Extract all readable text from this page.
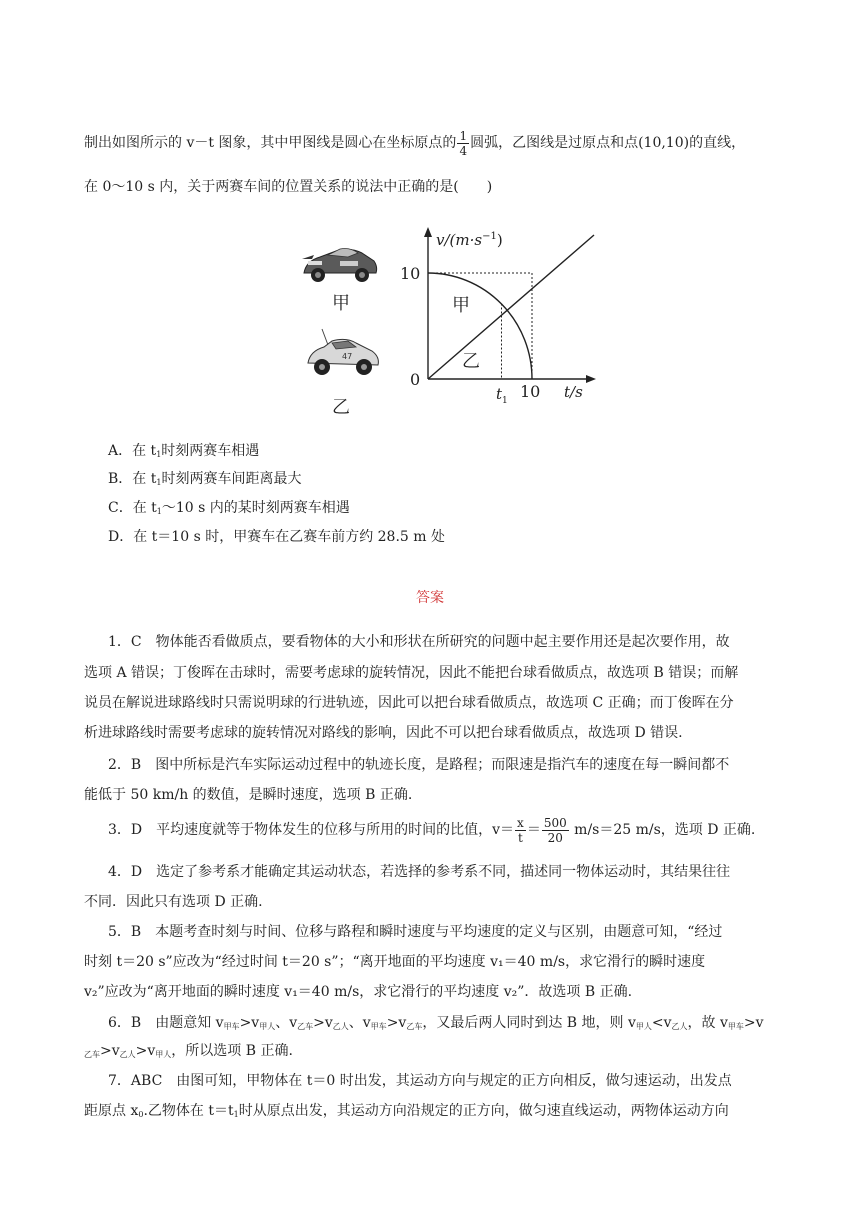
制出如图所示的 v－t 图象，其中甲图线是圆心在坐标原点的 $\frac{1}{4}$ 圆弧，乙图线是过原点和点(10,10)的直线，
在 0～10 s 内，关于两赛车间的位置关系的说法中正确的是(　　)
甲
47
乙
$v/(m\cdot s^{-1})$
10
0
$t_1$ 10 t/s
甲
乙
A．在 $t_1$时刻两赛车相遇
B．在 $t_1$时刻两赛车间距离最大
C．在 $t_1\sim 10$ s 内的某时刻两赛车相遇
D．在 t＝10 s 时，甲赛车在乙赛车前方约 28.5 m 处
答案
1．C　物体能否看做质点，要看物体的大小和形状在所研究的问题中起主要作用还是起次要作用，故
选项 A 错误；丁俊晖在击球时，需要考虑球的旋转情况，因此不能把台球看做质点，故选项 B 错误；而解
说员在解说进球路线时只需说明球的行进轨迹，因此可以把台球看做质点，故选项 C 正确；而丁俊晖在分
析进球路线时需要考虑球的旋转情况对路线的影响，因此不可以把台球看做质点，故选项 D 错误.
2．B　图中所标是汽车实际运动过程中的轨迹长度，是路程；而限速是指汽车的速度在每一瞬间都不
能低于 50 km/h 的数值，是瞬时速度，选项 B 正确.
3．D　平均速度就等于物体发生的位移与所用的时间的比值，$v= \frac{x}{t} = \frac{500}{20} m/s=25$ m/s，选项 D 正确.
4．D　选定了参考系才能确定其运动状态，若选择的参考系不同，描述同一物体运动时，其结果往往
不同．因此只有选项 D 正确.
5．B　本题考查时刻与时间、位移与路程和瞬时速度与平均速度的定义与区别，由题意可知，“经过
时刻 t＝20 s”应改为“经过时间 t＝20 s”；“离开地面的平均速度 v₁＝40 m/s，求它滑行的瞬时速度
v₂”应改为“离开地面的瞬时速度 v₁＝40 m/s，求它滑行的平均速度 v₂”．故选项 B 正确.
6．B　由题意知 $v_{甲车}>v_{甲人}$、$v_{乙车}>v_{乙人}$、$v_{甲车}>v_{乙车}$，又最后两人同时到达 B 地，则 $v_{甲人}<v_{乙人}$，故 $v_{甲车}>v$
$_{乙车}>v_{乙人}>v_{甲人}$，所以选项 B 正确.
7．ABC　由图可知，甲物体在 t＝0 时出发，其运动方向与规定的正方向相反，做匀速运动，出发点
距原点 $x_0$.乙物体在 $t=t_1$时从原点出发，其运动方向沿规定的正方向，做匀速直线运动，两物体运动方向
